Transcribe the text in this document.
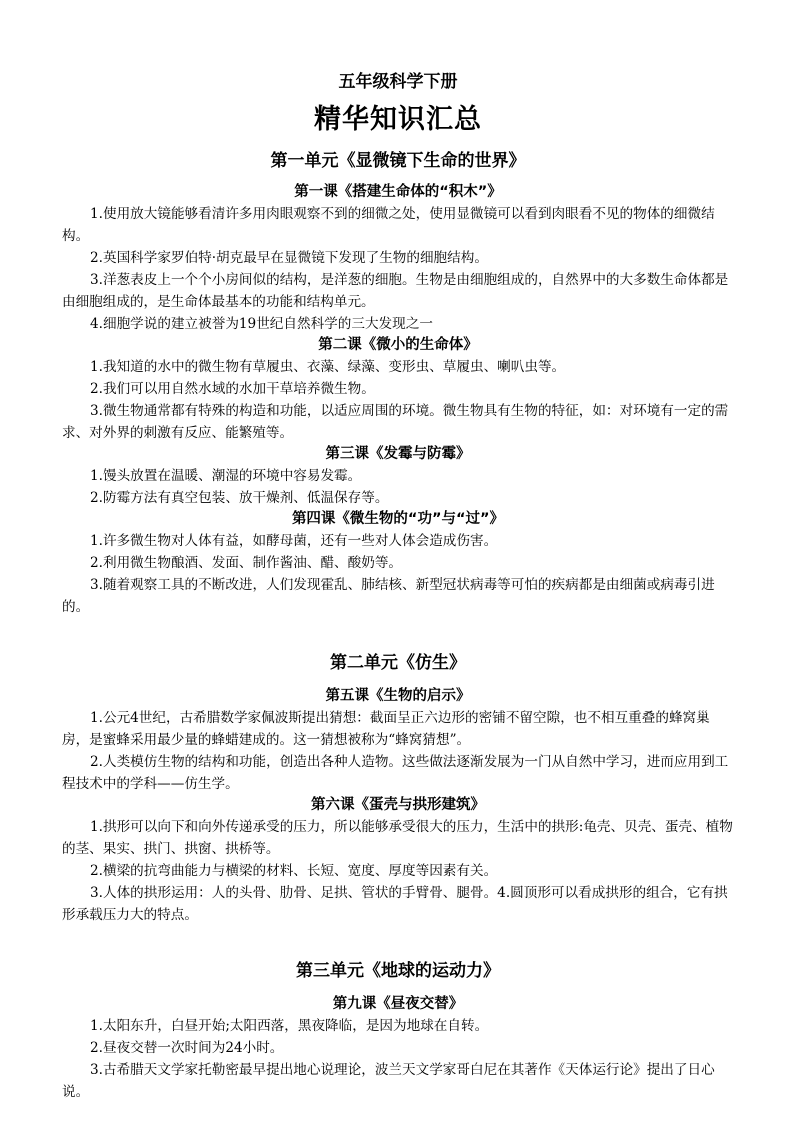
五年级科学下册
精华知识汇总
第一单元《显微镜下生命的世界》
第一课《搭建生命体的“积木”》

1.使用放大镜能够看清许多用肉眼观察不到的细微之处，使用显微镜可以看到肉眼看不见的物体的细微结构。

2.英国科学家罗伯特·胡克最早在显微镜下发现了生物的细胞结构。

3.洋葱表皮上一个个小房间似的结构，是洋葱的细胞。生物是由细胞组成的，自然界中的大多数生命体都是由细胞组成的，是生命体最基本的功能和结构单元。

4.细胞学说的建立被誉为19世纪自然科学的三大发现之一

第二课《微小的生命体》

1.我知道的水中的微生物有草履虫、衣藻、绿藻、变形虫、草履虫、喇叭虫等。

2.我们可以用自然水域的水加干草培养微生物。

3.微生物通常都有特殊的构造和功能，以适应周围的环境。微生物具有生物的特征，如：对环境有一定的需求、对外界的刺激有反应、能繁殖等。

第三课《发霉与防霉》

1.馒头放置在温暖、潮湿的环境中容易发霉。

2.防霉方法有真空包装、放干燥剂、低温保存等。

第四课《微生物的“功”与“过”》

1.许多微生物对人体有益，如酵母菌，还有一些对人体会造成伤害。

2.利用微生物酿酒、发面、制作酱油、醋、酸奶等。

3.随着观察工具的不断改进，人们发现霍乱、肺结核、新型冠状病毒等可怕的疾病都是由细菌或病毒引进的。

第二单元《仿生》
第五课《生物的启示》

1.公元4世纪，古希腊数学家佩波斯提出猜想：截面呈正六边形的密铺不留空隙，也不相互重叠的蜂窝巢房，是蜜蜂采用最少量的蜂蜡建成的。这一猜想被称为“蜂窝猜想”。

2.人类模仿生物的结构和功能，创造出各种人造物。这些做法逐渐发展为一门从自然中学习，进而应用到工程技术中的学科——仿生学。

第六课《蛋壳与拱形建筑》

1.拱形可以向下和向外传递承受的压力，所以能够承受很大的压力，生活中的拱形:龟壳、贝壳、蛋壳、植物的茎、果实、拱门、拱窗、拱桥等。

2.横梁的抗弯曲能力与横梁的材料、长短、宽度、厚度等因素有关。

3.人体的拱形运用：人的头骨、肋骨、足拱、管状的手臂骨、腿骨。4.圆顶形可以看成拱形的组合，它有拱形承载压力大的特点。

第三单元《地球的运动力》
第九课《昼夜交替》

1.太阳东升，白昼开始;太阳西落，黑夜降临，是因为地球在自转。

2.昼夜交替一次时间为24小时。

3.古希腊天文学家托勒密最早提出地心说理论，波兰天文学家哥白尼在其著作《天体运行论》提出了日心说。
